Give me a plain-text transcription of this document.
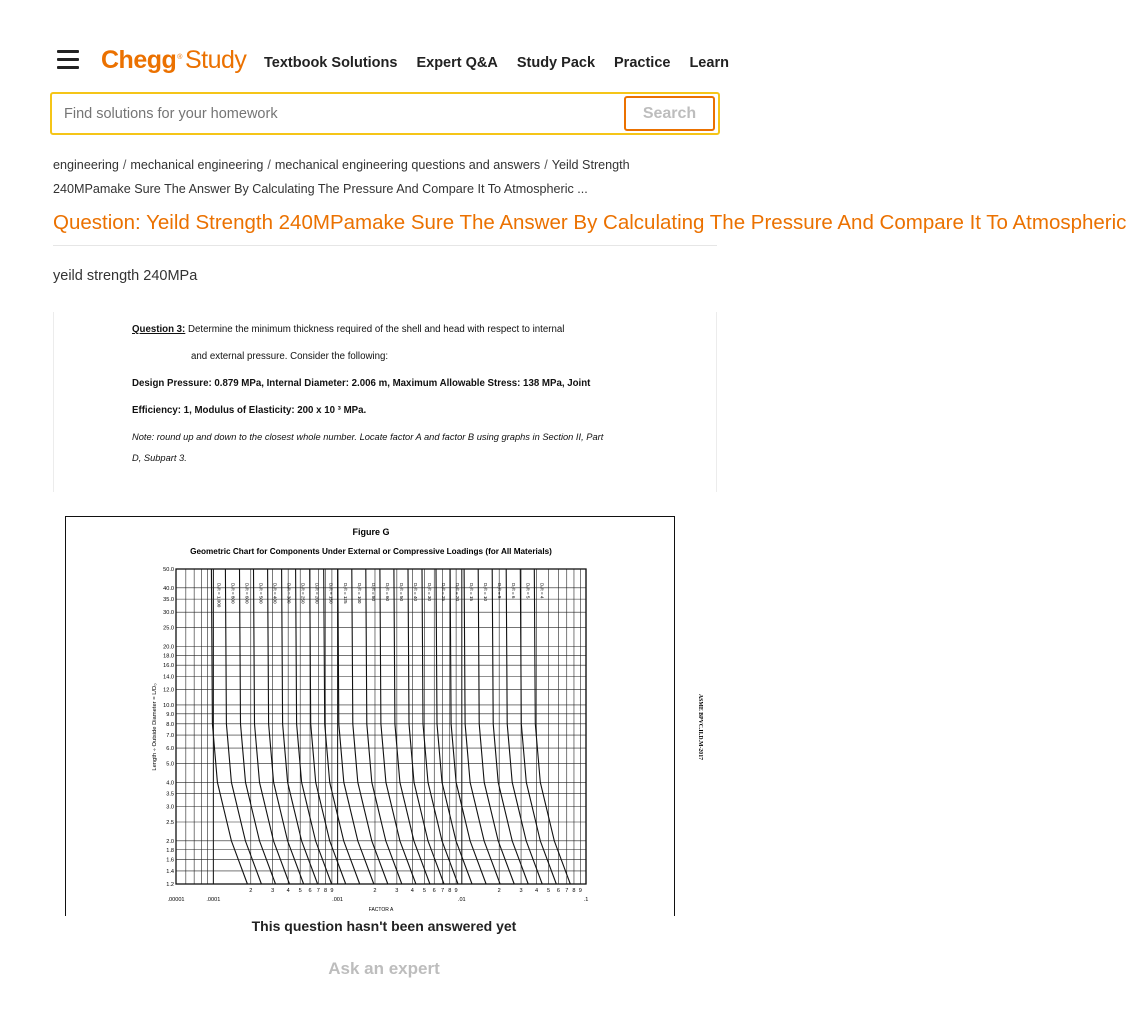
Chegg® Study Textbook Solutions Expert Q&A Study Pack Practice Learn
Find solutions for your homework
Search
engineering / mechanical engineering / mechanical engineering questions and answers / Yeild Strength 240MPamake Sure The Answer By Calculating The Pressure And Compare It To Atmospheric ...
Question: Yeild Strength 240MPamake Sure The Answer By Calculating The Pressure And Compare It To Atmospheric
yeild strength 240MPa

Question 3: Determine the minimum thickness required of the shell and head with respect to internal

and external pressure. Consider the following:

Design Pressure: 0.879 MPa, Internal Diameter: 2.006 m, Maximum Allowable Stress: 138 MPa, Joint

Efficiency: 1, Modulus of Elasticity: 200 x 10 ³ MPa.

Note: round up and down to the closest whole number. Locate factor A and factor B using graphs in Section II, Part

D, Subpart 3.

Figure G
Geometric Chart for Components Under External or Compressive Loadings (for All Materials)
50.0
40.0
35.0
30.0
25.0
20.0
18.0
16.0
14.0
12.0
10.0
9.0
8.0
7.0
6.0
5.0
4.0
3.5
3.0
2.5
2.0
1.8
1.6
1.4
1.2
.00001	.0001	.001	.01	.1
2	3 4 5 6 7 8 9	2	3 4 5 6 7 8 9	2	3 4 5 6 7 8 9
FACTOR A
Length ÷ Outside Diameter = L/D₀	ASME BPVC.II.D.M-2017
Dₒ/t = 1,000 Dₒ/t = 800 Dₒ/t = 600 Dₒ/t = 500 Dₒ/t = 400 Dₒ/t = 300 Dₒ/t = 250 Dₒ/t = 200 Dₒ/t = 150 Dₒ/t = 125 Dₒ/t = 100 Dₒ/t = 80 Dₒ/t = 60 Dₒ/t = 50 Dₒ/t = 40 Dₒ/t = 30 Dₒ/t = 25 Dₒ/t = 20 Dₒ/t = 15 Dₒ/t = 10 Dₒ/t = 8 Dₒ/t = 6 Dₒ/t = 5 Dₒ/t = 4
This question hasn't been answered yet
Ask an expert
